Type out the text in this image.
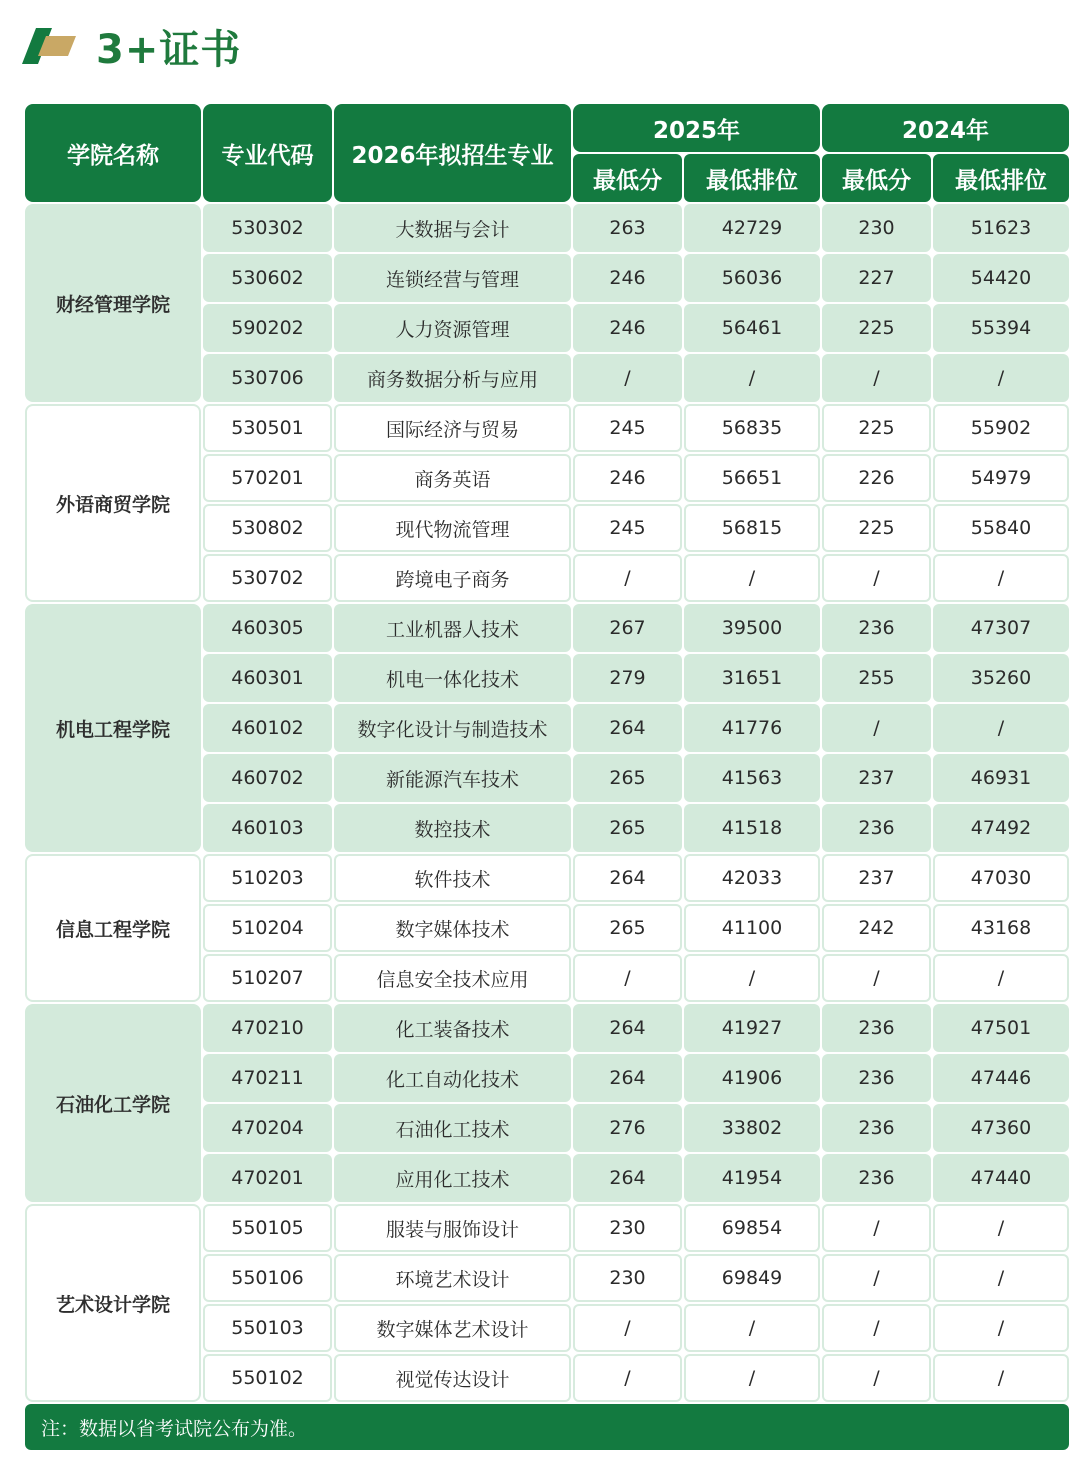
3+证书
学院名称	专业代码	2026年拟招生专业
2025年	2024年
最低分	最低排位	最低分	最低排位
财经管理学院
530302	大数据与会计	263	42729	230	51623
530602	连锁经营与管理	246	56036	227	54420
590202	人力资源管理	246	56461	225	55394
530706	商务数据分析与应用	/	/	/	/
外语商贸学院
530501	国际经济与贸易	245	56835	225	55902
570201	商务英语	246	56651	226	54979
530802	现代物流管理	245	56815	225	55840
530702	跨境电子商务	/	/	/	/
机电工程学院
460305	工业机器人技术	267	39500	236	47307
460301	机电一体化技术	279	31651	255	35260
460102	数字化设计与制造技术	264	41776	/	/
460702	新能源汽车技术	265	41563	237	46931
460103	数控技术	265	41518	236	47492
信息工程学院
510203	软件技术	264	42033	237	47030
510204	数字媒体技术	265	41100	242	43168
510207	信息安全技术应用	/	/	/	/
石油化工学院
470210	化工装备技术	264	41927	236	47501
470211	化工自动化技术	264	41906	236	47446
470204	石油化工技术	276	33802	236	47360
470201	应用化工技术	264	41954	236	47440
艺术设计学院
550105	服装与服饰设计	230	69854	/	/
550106	环境艺术设计	230	69849	/	/
550103	数字媒体艺术设计	/	/	/	/
550102	视觉传达设计	/	/	/	/
注：数据以省考试院公布为准。
